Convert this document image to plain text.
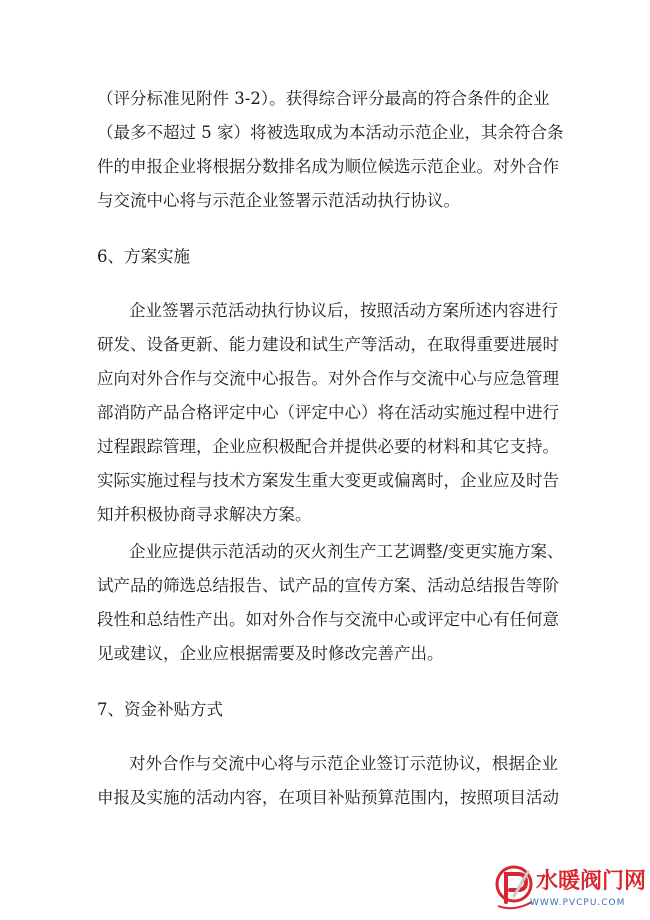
（评分标准见附件 3-2）。获得综合评分最高的符合条件的企业
（最多不超过 5 家）将被选取成为本活动示范企业，其余符合条
件的申报企业将根据分数排名成为顺位候选示范企业。对外合作
与交流中心将与示范企业签署示范活动执行协议。
6、方案实施
企业签署示范活动执行协议后，按照活动方案所述内容进行
研发、设备更新、能力建设和试生产等活动，在取得重要进展时
应向对外合作与交流中心报告。对外合作与交流中心与应急管理
部消防产品合格评定中心（评定中心）将在活动实施过程中进行
过程跟踪管理，企业应积极配合并提供必要的材料和其它支持。
实际实施过程与技术方案发生重大变更或偏离时，企业应及时告
知并积极协商寻求解决方案。
企业应提供示范活动的灭火剂生产工艺调整/变更实施方案、
试产品的筛选总结报告、试产品的宣传方案、活动总结报告等阶
段性和总结性产出。如对外合作与交流中心或评定中心有任何意
见或建议，企业应根据需要及时修改完善产出。
7、资金补贴方式
对外合作与交流中心将与示范企业签订示范协议，根据企业
申报及实施的活动内容，在项目补贴预算范围内，按照项目活动
水暖阀门网
WWW.PVCPU.COM
